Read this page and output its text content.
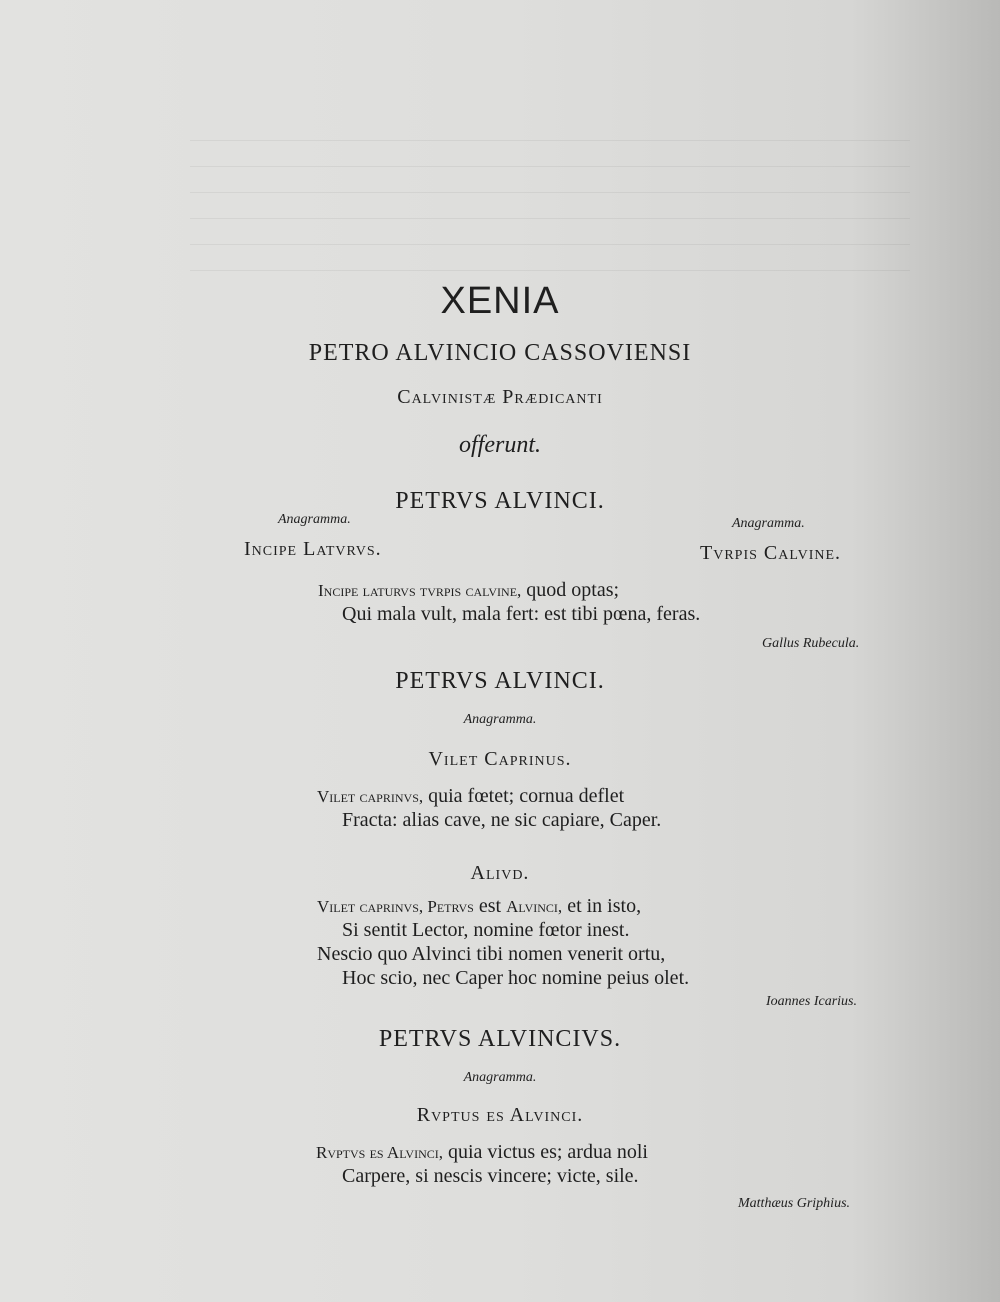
XENIA
PETRO ALVINCIO CASSOVIENSI
Calvinistæ Prædicanti
offerunt.
PETRVS ALVINCI.
Anagramma.	Anagramma.
Incipe Latvrvs.	Tvrpis Calvine.
Incipe laturvs tvrpis calvine, quod optas;
Qui mala vult, mala fert: est tibi pœna, feras.
Gallus Rubecula.
PETRVS ALVINCI.
Anagramma.
Vilet Caprinus.
Vilet caprinvs, quia fœtet; cornua deflet
Fracta: alias cave, ne sic capiare, Caper.
Alivd.
Vilet caprinvs, Petrvs est Alvinci, et in isto,
Si sentit Lector, nomine fœtor inest.
Nescio quo Alvinci tibi nomen venerit ortu,
Hoc scio, nec Caper hoc nomine peius olet.
Ioannes Icarius.
PETRVS ALVINCIVS.
Anagramma.
Rvptus es Alvinci.
Rvptvs es Alvinci, quia victus es; ardua noli
Carpere, si nescis vincere; victe, sile.
Matthæus Griphius.
